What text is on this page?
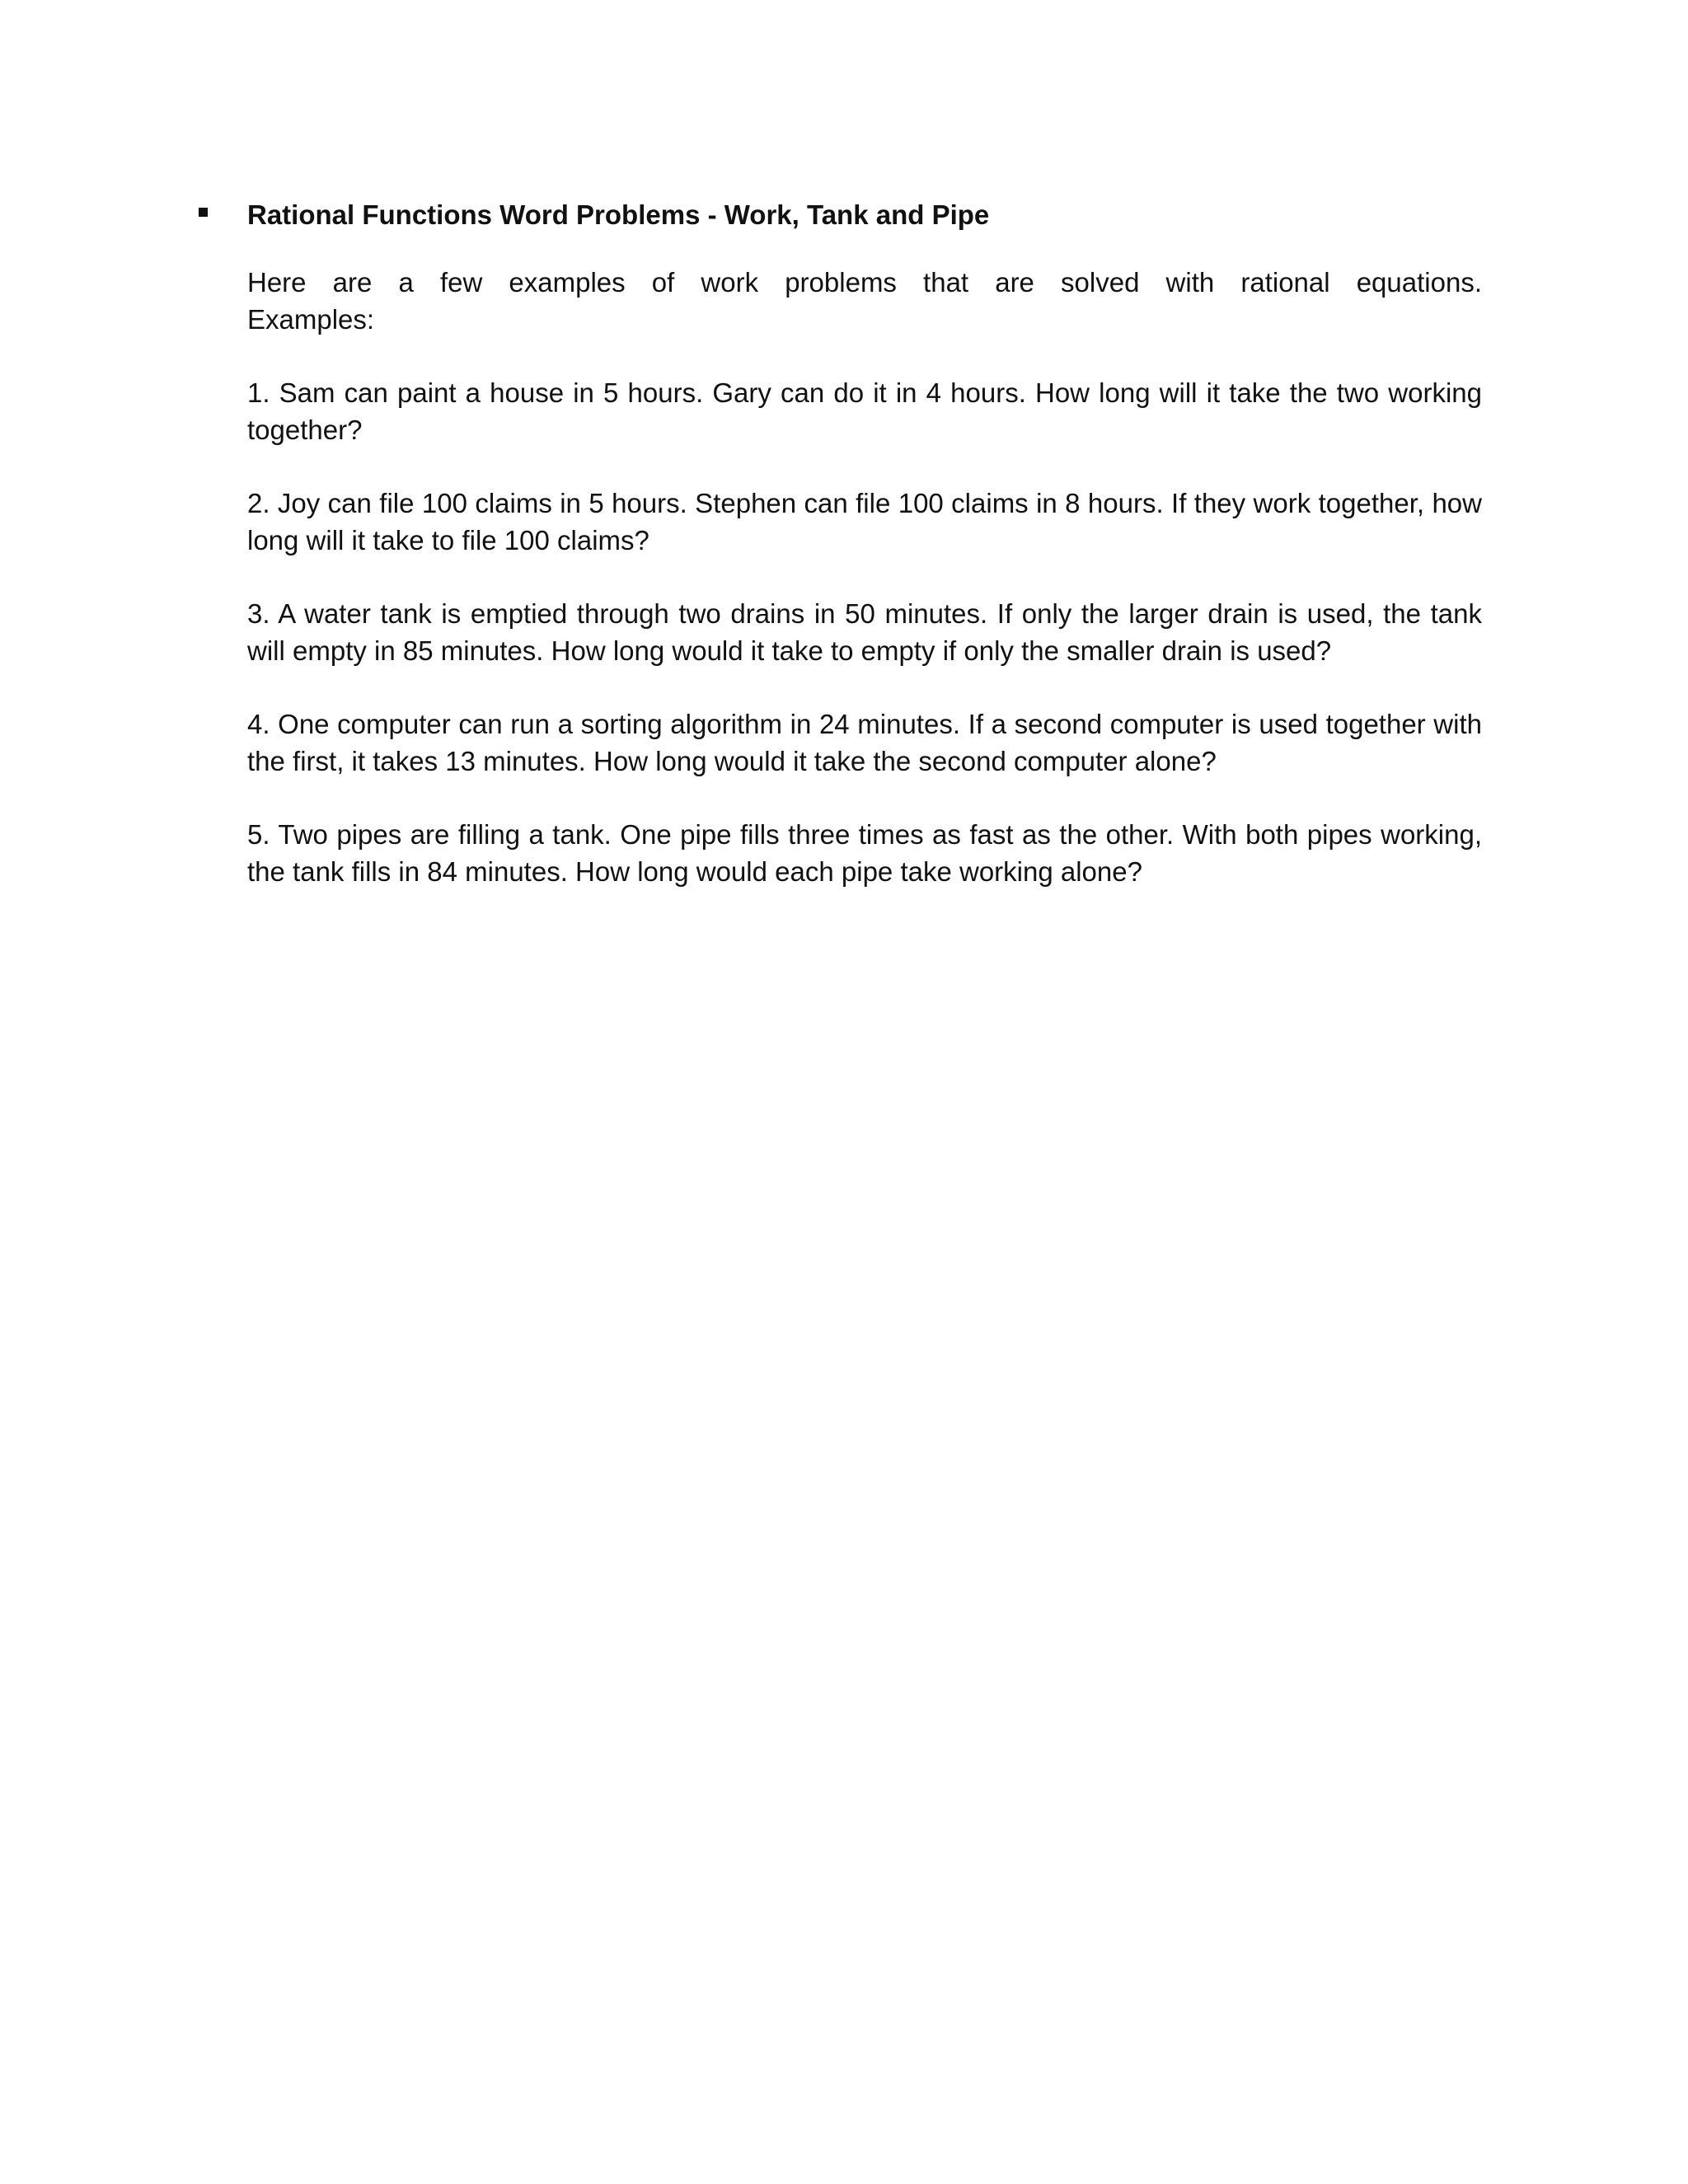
Rational Functions Word Problems - Work, Tank and Pipe
Here are a few examples of work problems that are solved with rational equations.
Examples:
1. Sam can paint a house in 5 hours. Gary can do it in 4 hours. How long will it take the two working together?
2. Joy can file 100 claims in 5 hours. Stephen can file 100 claims in 8 hours. If they work together, how long will it take to file 100 claims?
3. A water tank is emptied through two drains in 50 minutes. If only the larger drain is used, the tank will empty in 85 minutes. How long would it take to empty if only the smaller drain is used?
4. One computer can run a sorting algorithm in 24 minutes. If a second computer is used together with the first, it takes 13 minutes. How long would it take the second computer alone?
5. Two pipes are filling a tank. One pipe fills three times as fast as the other. With both pipes working, the tank fills in 84 minutes. How long would each pipe take working alone?
